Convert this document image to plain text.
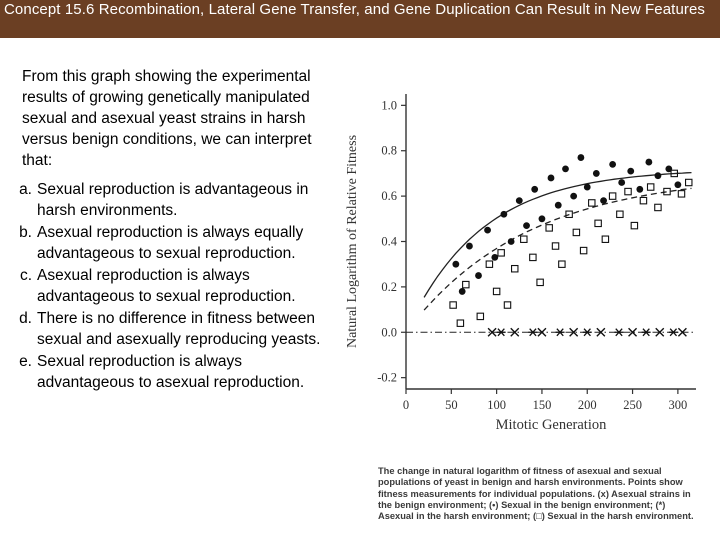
Concept 15.6 Recombination, Lateral Gene Transfer, and Gene Duplication Can Result in New Features
From this graph showing the experimental results of growing genetically manipulated sexual and asexual yeast strains in harsh versus benign conditions, we can interpret that:
a. Sexual reproduction is advantageous in harsh environments.
b. Asexual reproduction is always equally advantageous to sexual reproduction.
c. Asexual reproduction is always advantageous to sexual reproduction.
d. There is no difference in fitness between sexual and asexually reproducing yeasts.
e. Sexual reproduction is always advantageous to asexual reproduction.	-0.2
0.0
0.2
0.4
0.6
0.8
1.0
0	50 100 150 200 250 300
Mitotic Generation
Natural Logarithm of Relative Fitness
The change in natural logarithm of fitness of asexual and sexual populations of yeast in benign and harsh environments. Points show fitness measurements for individual populations. (x) Asexual strains in the benign environment; (•) Sexual in the benign environment; (*) Asexual in the harsh environment; (□) Sexual in the harsh environment.
